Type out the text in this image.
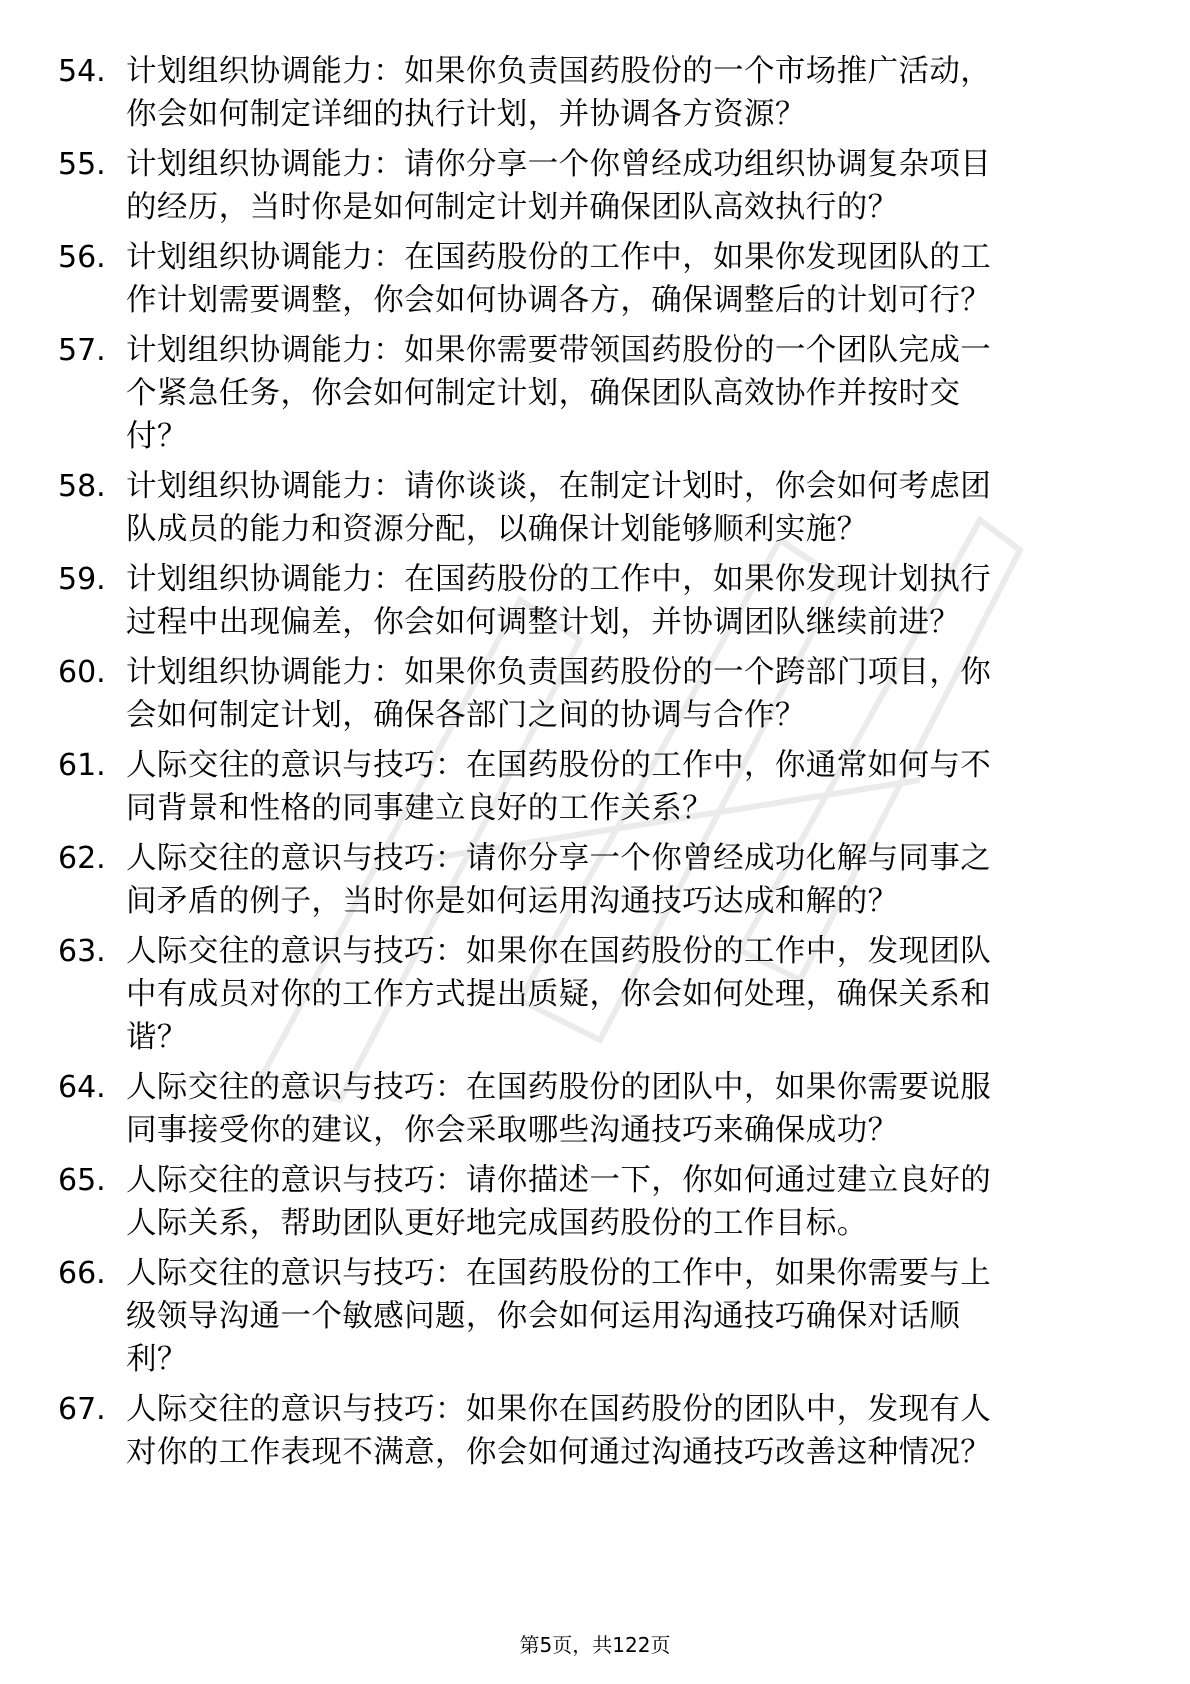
54. 计划组织协调能力：如果你负责国药股份的一个市场推广活动，
你会如何制定详细的执行计划，并协调各方资源？
55. 计划组织协调能力：请你分享一个你曾经成功组织协调复杂项目
的经历，当时你是如何制定计划并确保团队高效执行的？
56. 计划组织协调能力：在国药股份的工作中，如果你发现团队的工
作计划需要调整，你会如何协调各方，确保调整后的计划可行？
57. 计划组织协调能力：如果你需要带领国药股份的一个团队完成一
个紧急任务，你会如何制定计划，确保团队高效协作并按时交
付？
58. 计划组织协调能力：请你谈谈，在制定计划时，你会如何考虑团
队成员的能力和资源分配，以确保计划能够顺利实施？
59. 计划组织协调能力：在国药股份的工作中，如果你发现计划执行
过程中出现偏差，你会如何调整计划，并协调团队继续前进？
60. 计划组织协调能力：如果你负责国药股份的一个跨部门项目，你
会如何制定计划，确保各部门之间的协调与合作？
61. 人际交往的意识与技巧：在国药股份的工作中，你通常如何与不
同背景和性格的同事建立良好的工作关系？
62. 人际交往的意识与技巧：请你分享一个你曾经成功化解与同事之
间矛盾的例子，当时你是如何运用沟通技巧达成和解的？
63. 人际交往的意识与技巧：如果你在国药股份的工作中，发现团队
中有成员对你的工作方式提出质疑，你会如何处理，确保关系和
谐？
64. 人际交往的意识与技巧：在国药股份的团队中，如果你需要说服
同事接受你的建议，你会采取哪些沟通技巧来确保成功？
65. 人际交往的意识与技巧：请你描述一下，你如何通过建立良好的
人际关系，帮助团队更好地完成国药股份的工作目标。
66. 人际交往的意识与技巧：在国药股份的工作中，如果你需要与上
级领导沟通一个敏感问题，你会如何运用沟通技巧确保对话顺
利？
67. 人际交往的意识与技巧：如果你在国药股份的团队中，发现有人
对你的工作表现不满意，你会如何通过沟通技巧改善这种情况？
第5页，共122页
